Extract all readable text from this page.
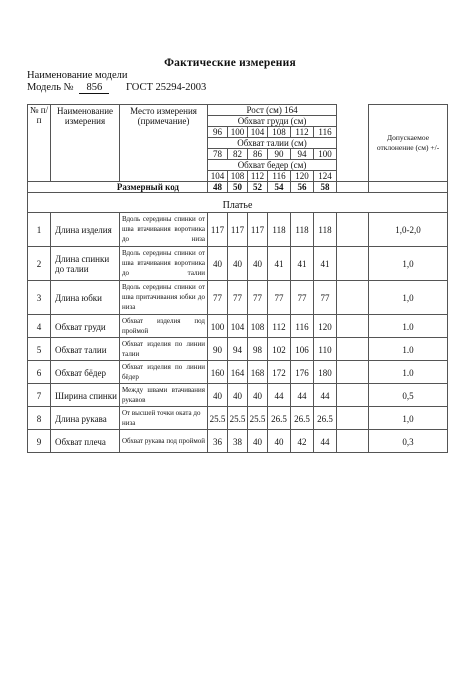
Фактические измерения
Наименование модели
Модель № 856 ГОСТ 25294-2003
№ п/п	Наименование измерения	Место измерения (примечание)	Рост (см) 164							Допускаемое отклонение (см) +/-
			Обхват груди (см)							
			96	100	104	108	112	116		
			Обхват талии (см)							
			78	82	86	90	94	100		
			Обхват бедер (см)							
			104	108	112	116	120	124		
Размерный код			48	50	52	54	56	58		

Платье										
1	Длина изделия	Вдоль середины спинки от шва втачивания воротника до низа	117	117	117	118	118	118		1,0-2,0
2	Длина спинки до талии	Вдоль середины спинки от шва втачивания воротника до талии	40	40	40	41	41	41		1,0
3	Длина юбки	Вдоль середины спинки от шва притачивания юбки до низа	77	77	77	77	77	77		1,0
4	Обхват груди	Обхват изделия под проймой	100	104	108	112	116	120		1.0
5	Обхват талии	Обхват изделия по линии талии	90	94	98	102	106	110		1.0
6	Обхват бёдер	Обхват изделия по линии бёдер	160	164	168	172	176	180		1.0
7	Ширина спинки	Между швами втачивания рукавов	40	40	40	44	44	44		0,5
8	Длина рукава	От высшей точки оката до низа	25.5	25.5	25.5	26.5	26.5	26.5		1,0
9	Обхват плеча	Обхват рукава под проймой	36	38	40	40	42	44		0,3
